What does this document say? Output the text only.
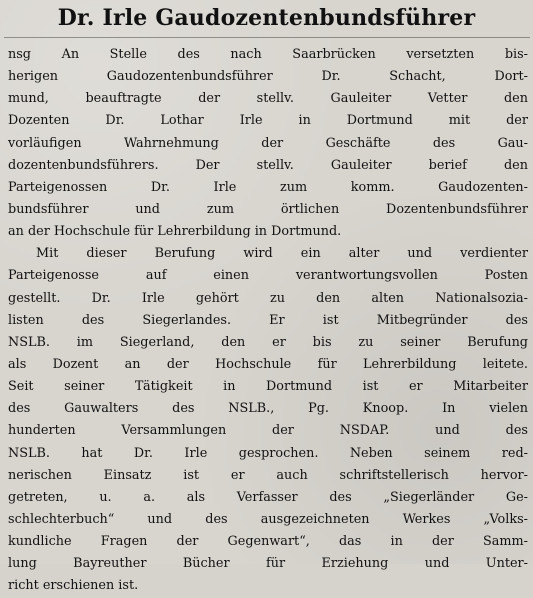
Dr. Irle Gaudozentenbundsführer
nsg An Stelle des nach Saarbrücken versetzten bis-
herigen Gaudozentenbundsführer Dr. Schacht, Dort-
mund, beauftragte der stellv. Gauleiter Vetter den
Dozenten Dr. Lothar Irle in Dortmund mit der
vorläufigen Wahrnehmung der Geschäfte des Gau-
dozentenbundsführers. Der stellv. Gauleiter berief den
Parteigenossen Dr. Irle zum komm. Gaudozenten-
bundsführer und zum örtlichen Dozentenbundsführer
an der Hochschule für Lehrerbildung in Dortmund.
Mit dieser Berufung wird ein alter und verdienter
Parteigenosse auf einen verantwortungsvollen Posten
gestellt. Dr. Irle gehört zu den alten Nationalsozia-
listen des Siegerlandes. Er ist Mitbegründer des
NSLB. im Siegerland, den er bis zu seiner Berufung
als Dozent an der Hochschule für Lehrerbildung leitete.
Seit seiner Tätigkeit in Dortmund ist er Mitarbeiter
des Gauwalters des NSLB., Pg. Knoop. In vielen
hunderten Versammlungen der NSDAP. und des
NSLB. hat Dr. Irle gesprochen. Neben seinem red-
nerischen Einsatz ist er auch schriftstellerisch hervor-
getreten, u. a. als Verfasser des „Siegerländer Ge-
schlechterbuch“ und des ausgezeichneten Werkes „Volks-
kundliche Fragen der Gegenwart“, das in der Samm-
lung Bayreuther Bücher für Erziehung und Unter-
richt erschienen ist.
